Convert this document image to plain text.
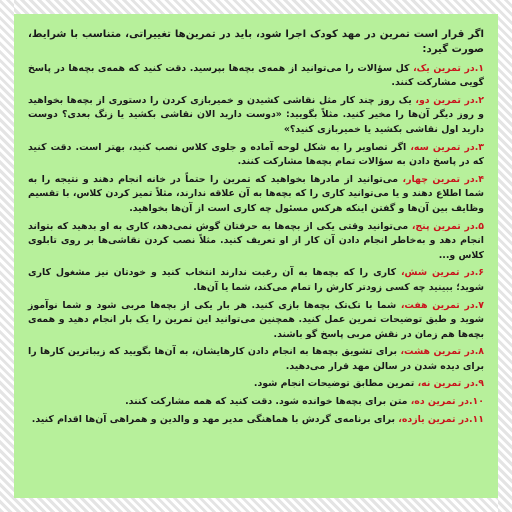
اگر قرار است تمرین در مهد کودک اجرا شود، باید در تمرین‌ها تغییراتی، متناسب با شرایط، صورت گیرد:

۱.در تمرین یک، کل سؤالات را می‌توانید از همه‌ی بچه‌ها بپرسید. دقت کنید که همه‌ی بچه‌ها در پاسخ گویی مشارکت کنند.

۲.در تمرین دو، یک روز چند کار مثل نقاشی کشیدن و خمیربازی کردن را دستوری از بچه‌ها بخواهید و روز دیگر آن‌ها را مخیر کنید. مثلاً بگویید: «دوست دارید الان نقاشی بکشید یا زنگ بعدی؟ دوست دارید اول نقاشی بکشید یا خمیربازی کنید؟»

۳.در تمرین سه، اگر تصاویر را به شکل لوحه آماده و جلوی کلاس نصب کنید، بهتر است. دقت کنید که در پاسخ دادن به سؤالات تمام بچه‌ها مشارکت کنند.

۴.در تمرین چهار، می‌توانید از مادرها بخواهید که تمرین را حتماً در خانه انجام دهند و نتیجه را به شما اطلاع دهند و یا می‌توانید کاری را که بچه‌ها به آن علاقه ندارند، مثلاً تمیز کردن کلاس، با تقسیم وظایف بین آن‌ها و گفتن اینکه هرکس مسئول چه کاری است از آن‌ها بخواهید.

۵.در تمرین پنج، می‌توانید وقتی یکی از بچه‌ها به حرفتان گوش نمی‌دهد، کاری به او بدهید که بتواند انجام دهد و به‌خاطر انجام دادن آن کار از او تعریف کنید. مثلاً نصب کردن نقاشی‌ها بر روی تابلوی کلاس و...

۶.در تمرین شش، کاری را که بچه‌ها به آن رغبت ندارند انتخاب کنید و خودتان نیز مشغول کاری شوید؛ ببینید چه کسی زودتر کارش را تمام می‌کند، شما یا آن‌ها.

۷.در تمرین هفت، شما با تک‌تک بچه‌ها بازی کنید. هر بار یکی از بچه‌ها مربی شود و شما نوآموز شوید و طبق توضیحات تمرین عمل کنید. همچنین می‌توانید این تمرین را یک بار انجام دهید و همه‌ی بچه‌ها هم زمان در نقش مربی پاسخ گو باشند.

۸.در تمرین هشت، برای تشویق بچه‌ها به انجام دادن کارهایشان، به آن‌ها بگویید که زیباترین کارها را برای دیده شدن در سالن مهد قرار می‌دهید.

۹.در تمرین نه، تمرین مطابق توضیحات انجام شود.

۱۰.در تمرین ده، متن برای بچه‌ها خوانده شود. دقت کنید که همه مشارکت کنند.

۱۱.در تمرین یازده، برای برنامه‌ی گردش با هماهنگی مدیر مهد و والدین و همراهی آن‌ها اقدام کنید.
